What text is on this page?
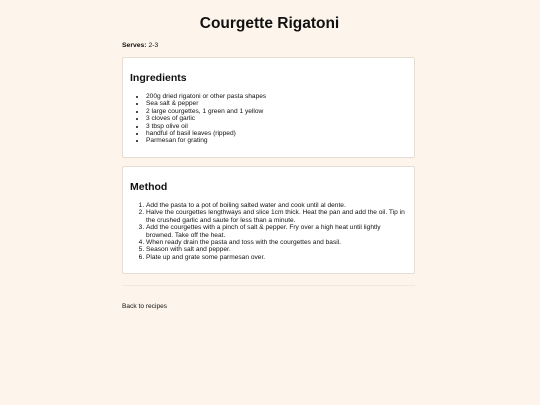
Courgette Rigatoni
Serves: 2-3
Ingredients
• 200g dried rigatoni or other pasta shapes
• Sea salt & pepper
• 2 large courgettes, 1 green and 1 yellow
• 3 cloves of garlic
• 3 tbsp olive oil
• handful of basil leaves (ripped)
• Parmesan for grating
Method
1. Add the pasta to a pot of boiling salted water and cook until al dente.
2. Halve the courgettes lengthways and slice 1cm thick. Heat the pan and add the oil. Tip in the crushed garlic and saute for less than a minute.
3. Add the courgettes with a pinch of salt & pepper. Fry over a high heat until lightly browned. Take off the heat.
4. When ready drain the pasta and toss with the courgettes and basil.
5. Season with salt and pepper.
6. Plate up and grate some parmesan over.
Back to recipes
